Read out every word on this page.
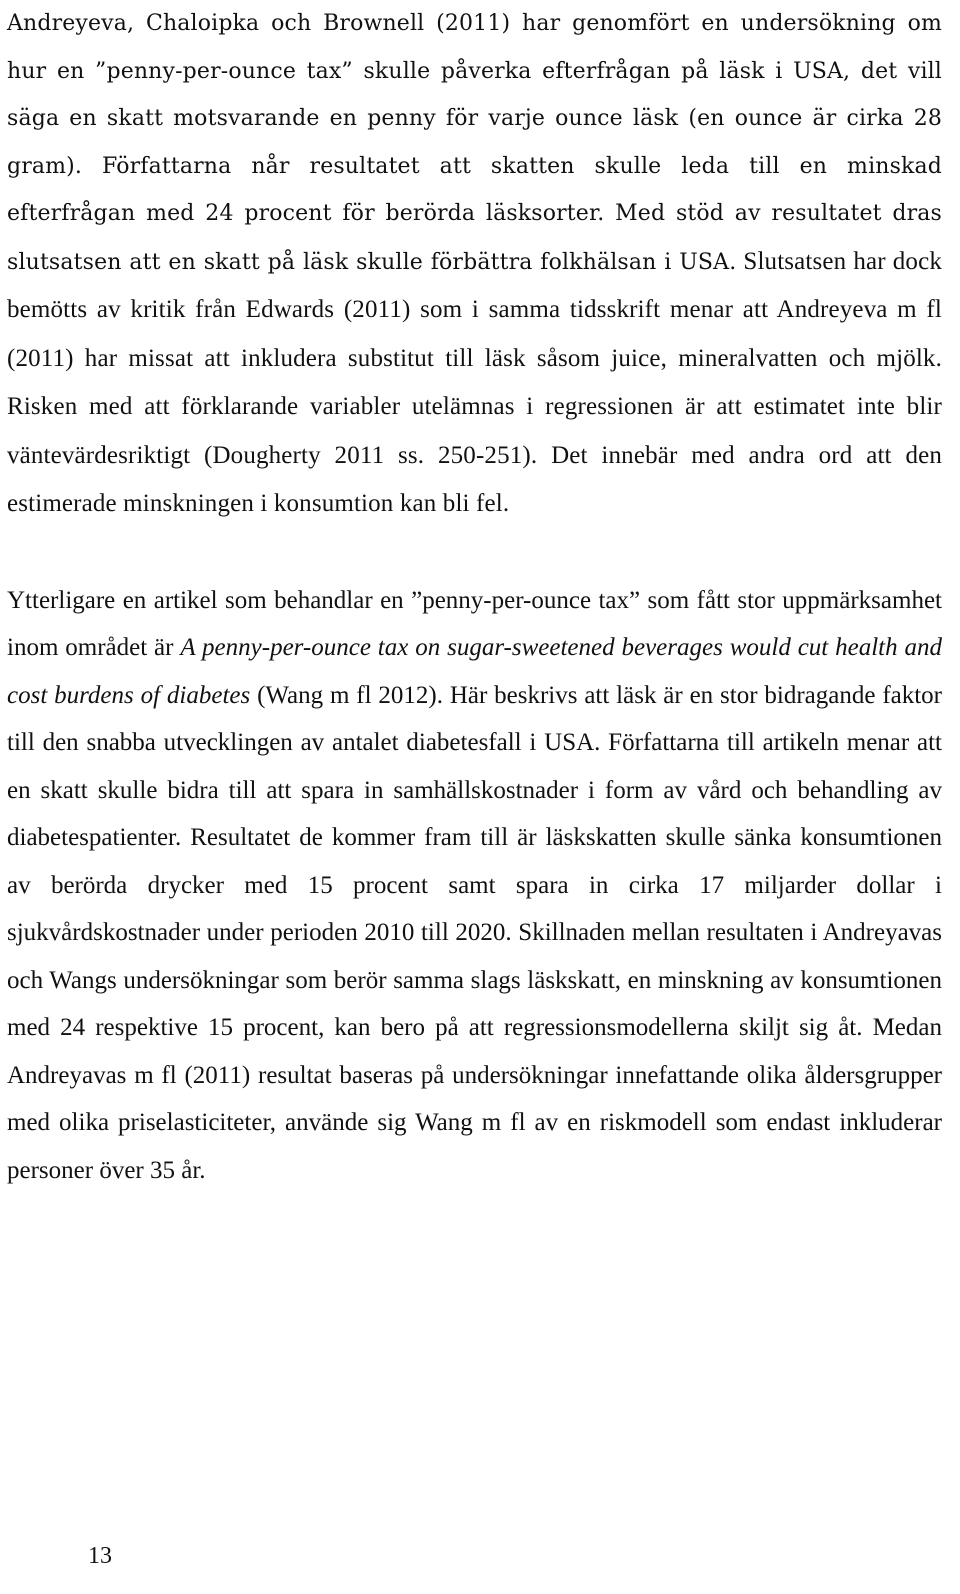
Andreyeva, Chaloipka och Brownell (2011) har genomfört en undersökning om hur en ”penny-per-ounce tax” skulle påverka efterfrågan på läsk i USA, det vill säga en skatt motsvarande en penny för varje ounce läsk (en ounce är cirka 28 gram). Författarna når resultatet att skatten skulle leda till en minskad efterfrågan med 24 procent för berörda läsksorter. Med stöd av resultatet dras slutsatsen att en skatt på läsk skulle förbättra folkhälsan i USA. Slutsatsen har dock bemötts av kritik från Edwards (2011) som i samma tidsskrift menar att Andreyeva m fl (2011) har missat att inkludera substitut till läsk såsom juice, mineralvatten och mjölk. Risken med att förklarande variabler utelämnas i regressionen är att estimatet inte blir väntevärdesriktigt (Dougherty 2011 ss. 250-251). Det innebär med andra ord att den estimerade minskningen i konsumtion kan bli fel.

Ytterligare en artikel som behandlar en ”penny-per-ounce tax” som fått stor uppmärksamhet inom området är A penny-per-ounce tax on sugar-sweetened beverages would cut health and cost burdens of diabetes (Wang m fl 2012). Här beskrivs att läsk är en stor bidragande faktor till den snabba utvecklingen av antalet diabetesfall i USA. Författarna till artikeln menar att en skatt skulle bidra till att spara in samhällskostnader i form av vård och behandling av diabetespatienter. Resultatet de kommer fram till är läskskatten skulle sänka konsumtionen av berörda drycker med 15 procent samt spara in cirka 17 miljarder dollar i sjukvårdskostnader under perioden 2010 till 2020. Skillnaden mellan resultaten i Andreyavas och Wangs undersökningar som berör samma slags läskskatt, en minskning av konsumtionen med 24 respektive 15 procent, kan bero på att regressionsmodellerna skiljt sig åt. Medan Andreyavas m fl (2011) resultat baseras på undersökningar innefattande olika åldersgrupper med olika priselasticiteter, använde sig Wang m fl av en riskmodell som endast inkluderar personer över 35 år.

13
